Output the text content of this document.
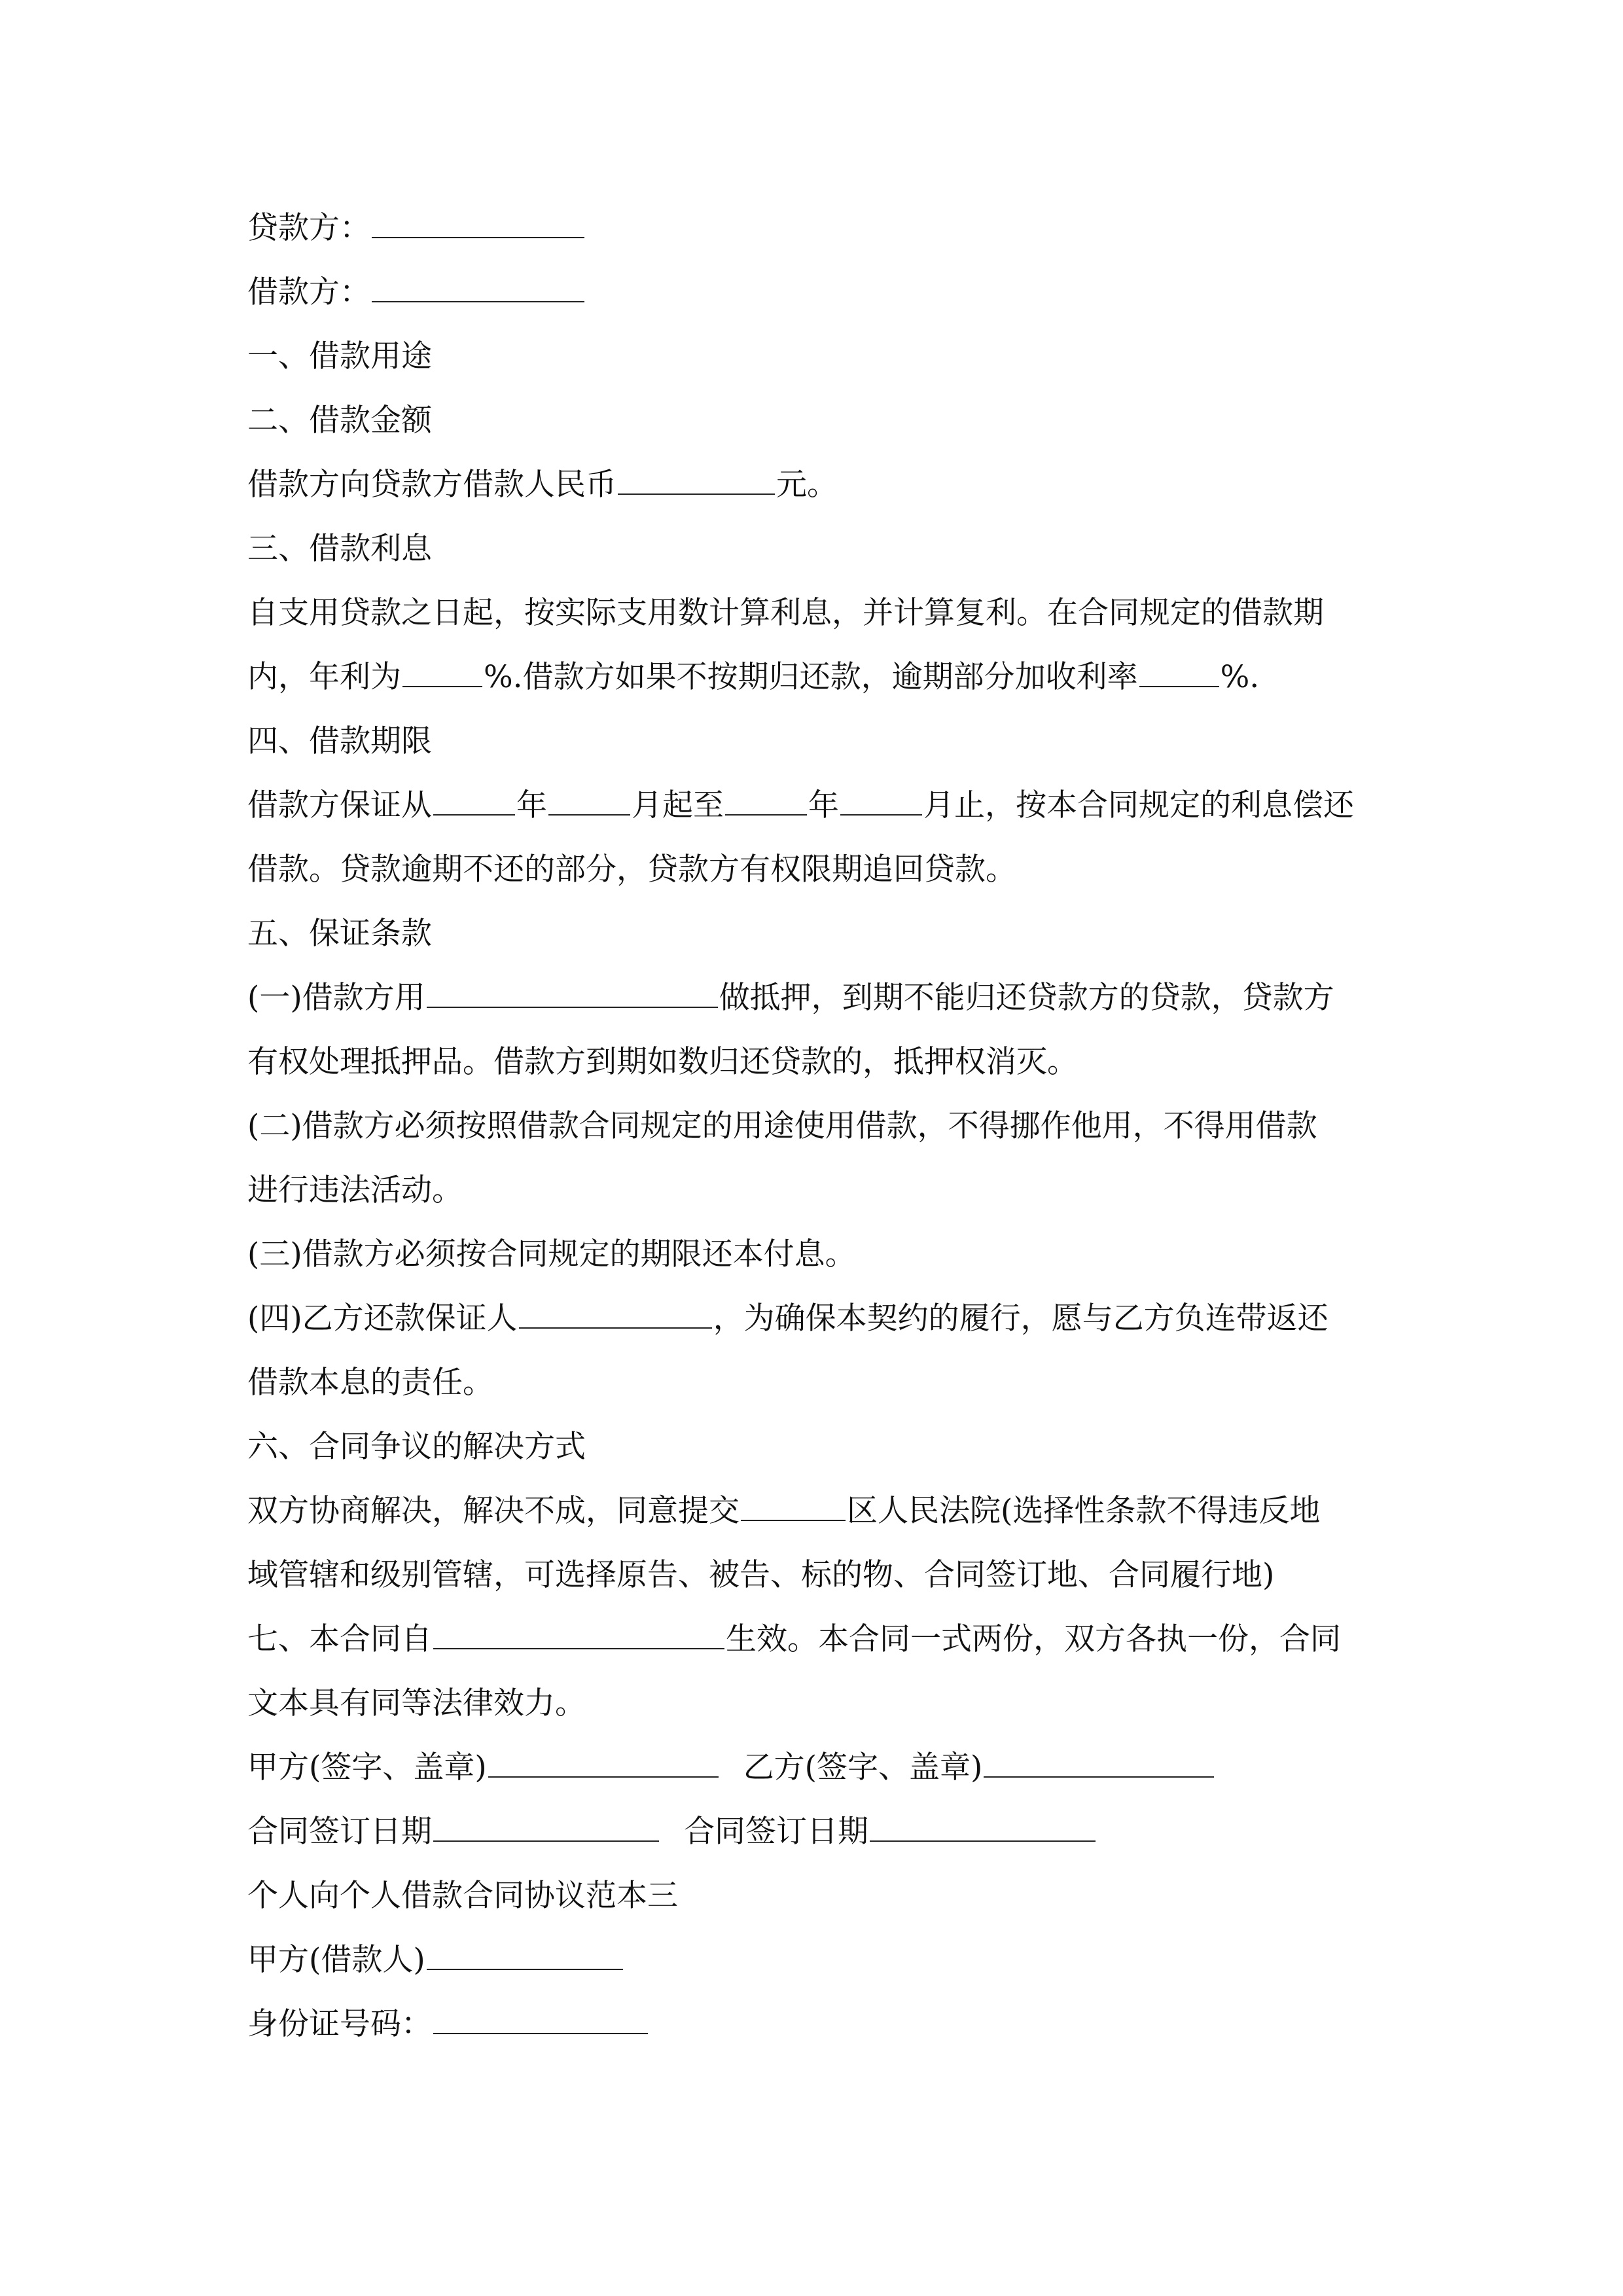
贷款方：
借款方：
一、借款用途
二、借款金额
借款方向贷款方借款人民币	元。
三、借款利息
自支用贷款之日起，按实际支用数计算利息，并计算复利。在合同规定的借款期
内，年利为	%.借款方如果不按期归还款，逾期部分加收利率	%.
四、借款期限
借款方保证从	年	月起至	年	月止，按本合同规定的利息偿还
借款。贷款逾期不还的部分，贷款方有权限期追回贷款。
五、保证条款
(一)借款方用	做抵押，到期不能归还贷款方的贷款，贷款方
有权处理抵押品。借款方到期如数归还贷款的，抵押权消灭。
(二)借款方必须按照借款合同规定的用途使用借款，不得挪作他用，不得用借款
进行违法活动。
(三)借款方必须按合同规定的期限还本付息。
(四)乙方还款保证人	，为确保本契约的履行，愿与乙方负连带返还
借款本息的责任。
六、合同争议的解决方式
双方协商解决，解决不成，同意提交	区人民法院(选择性条款不得违反地
域管辖和级别管辖，可选择原告、被告、标的物、合同签订地、合同履行地)
七、本合同自	生效。本合同一式两份，双方各执一份，合同
文本具有同等法律效力。
甲方(签字、盖章)	乙方(签字、盖章)
合同签订日期	合同签订日期
个人向个人借款合同协议范本三
甲方(借款人)
身份证号码：
